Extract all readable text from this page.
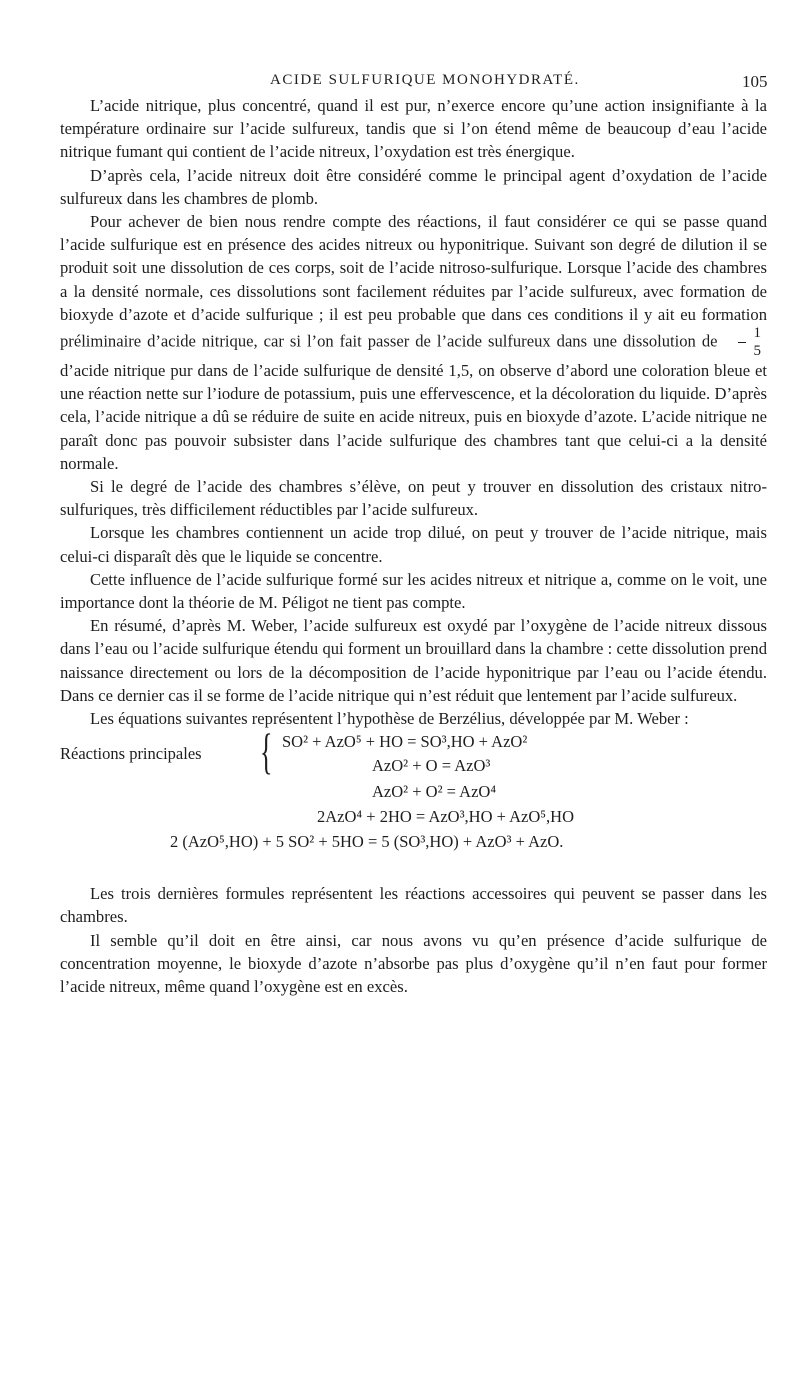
ACIDE SULFURIQUE MONOHYDRATÉ.	105

L’acide nitrique, plus concentré, quand il est pur, n’exerce encore qu’une action insignifiante à la température ordinaire sur l’acide sulfureux, tandis que si l’on étend même de beaucoup d’eau l’acide nitrique fumant qui contient de l’acide nitreux, l’oxydation est très énergique.

D’après cela, l’acide nitreux doit être considéré comme le principal agent d’oxydation de l’acide sulfureux dans les chambres de plomb.

Pour achever de bien nous rendre compte des réactions, il faut considérer ce qui se passe quand l’acide sulfurique est en présence des acides nitreux ou hyponitrique. Suivant son degré de dilution il se produit soit une dissolution de ces corps, soit de l’acide nitroso-sulfurique. Lorsque l’acide des chambres a la densité normale, ces dissolutions sont facilement réduites par l’acide sulfureux, avec formation de bioxyde d’azote et d’acide sulfurique ; il est peu probable que dans ces conditions il y ait eu formation préliminaire d’acide nitrique, car si l’on fait passer de l’acide sulfureux dans une dissolution de $\frac{1}{5}$
d’acide nitrique pur dans de l’acide sulfurique de densité 1,5, on observe d’abord une coloration bleue et une réaction nette sur l’iodure de potassium, puis une effervescence, et la décoloration du liquide. D’après cela, l’acide nitrique a dû se réduire de suite en acide nitreux, puis en bioxyde d’azote. L’acide nitrique ne paraît donc pas pouvoir subsister dans l’acide sulfurique des chambres tant que celui-ci a la densité normale.

Si le degré de l’acide des chambres s’élève, on peut y trouver en dissolution des cristaux nitro-sulfuriques, très difficilement réductibles par l’acide sulfureux.

Lorsque les chambres contiennent un acide trop dilué, on peut y trouver de l’acide nitrique, mais celui-ci disparaît dès que le liquide se concentre.

Cette influence de l’acide sulfurique formé sur les acides nitreux et nitrique a, comme on le voit, une importance dont la théorie de M. Péligot ne tient pas compte.

En résumé, d’après M. Weber, l’acide sulfureux est oxydé par l’oxygène de l’acide nitreux dissous dans l’eau ou l’acide sulfurique étendu qui forment un brouillard dans la chambre : cette dissolution prend naissance directement ou lors de la décomposition de l’acide hyponitrique par l’eau ou l’acide étendu. Dans ce dernier cas il se forme de l’acide nitrique qui n’est réduit que lentement par l’acide sulfureux.

Les équations suivantes représentent l’hypothèse de Berzélius, développée par M. Weber :

Réactions principales { SO² + AzO⁵ + HO = SO³,HO + AzO²
AzO² + O = AzO³
AzO² + O² = AzO⁴
2AzO⁴ + 2HO = AzO³,HO + AzO⁵,HO
2 (AzO⁵,HO) + 5 SO² + 5HO = 5 (SO³,HO) + AzO³ + AzO.

Les trois dernières formules représentent les réactions accessoires qui peuvent se passer dans les chambres.

Il semble qu’il doit en être ainsi, car nous avons vu qu’en présence d’acide sulfurique de concentration moyenne, le bioxyde d’azote n’absorbe pas plus d’oxygène qu’il n’en faut pour former l’acide nitreux, même quand l’oxygène est en excès.
